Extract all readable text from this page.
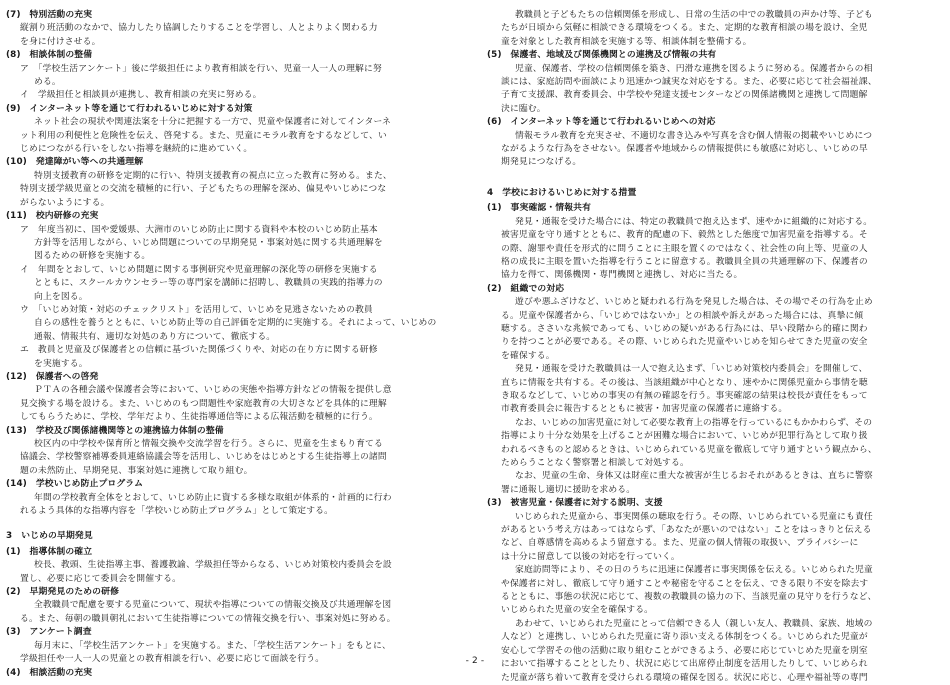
(7)　特別活動の充実

縦割り班活動のなかで、協力したり協調したりすることを学習し、人とよりよく関わる力

を身に付けさせる。

(8)　相談体制の整備

ア　「学校生活アンケート」後に学級担任により教育相談を行い、児童一人一人の理解に努

める。

イ　学級担任と相談員が連携し、教育相談の充実に努める。

(9)　インターネット等を通じて行われるいじめに対する対策

ネット社会の現状や関連法案を十分に把握する一方で、児童や保護者に対してインターネ

ット利用の利便性と危険性を伝え、啓発する。また、児童にモラル教育をするなどして、い

じめにつながる行いをしない指導を継続的に進めていく。

(10)　発達障がい等への共通理解

特別支援教育の研修を定期的に行い、特別支援教育の視点に立った教育に努める。また、

特別支援学級児童との交流を積極的に行い、子どもたちの理解を深め、偏見やいじめにつな

がらないようにする。

(11)　校内研修の充実

ア　年度当初に、国や愛媛県、大洲市のいじめ防止に関する資料や本校のいじめ防止基本

方針等を活用しながら、いじめ問題についての早期発見・事案対処に関する共通理解を

図るための研修を実施する。

イ　年間をとおして、いじめ問題に関する事例研究や児童理解の深化等の研修を実施する

とともに、スクールカウンセラー等の専門家を講師に招聘し、教職員の実践的指導力の

向上を図る。

ウ　「いじめ対策・対応のチェックリスト」を活用して、いじめを見逃さないための教員

自らの感性を養うとともに、いじめ防止等の自己評価を定期的に実施する。それによって、いじめの

通報、情報共有、適切な対処のあり方について、徹底する。

エ　教員と児童及び保護者との信頼に基づいた関係づくりや、対応の在り方に関する研修

を実施する。

(12)　保護者への啓発

ＰＴＡの各種会議や保護者会等において、いじめの実態や指導方針などの情報を提供し意

見交換する場を設ける。また、いじめのもつ問題性や家庭教育の大切さなどを具体的に理解

してもらうために、学校、学年だより、生徒指導通信等による広報活動を積極的に行う。

(13)　学校及び関係諸機関等との連携協力体制の整備

校区内の中学校や保育所と情報交換や交流学習を行う。さらに、児童を生まもり育てる

協議会、学校警察補導委員連絡協議会等を活用し、いじめをはじめとする生徒指導上の諸問

題の未然防止、早期発見、事案対処に連携して取り組む。

(14)　学校いじめ防止プログラム

年間の学校教育全体をとおして、いじめ防止に資する多様な取組が体系的・計画的に行わ

れるよう具体的な指導内容を「学校いじめ防止プログラム」として策定する。

3　いじめの早期発見

(1)　指導体制の確立

校長、教頭、生徒指導主事、養護教諭、学級担任等からなる、いじめ対策校内委員会を設

置し、必要に応じて委員会を開催する。

(2)　早期発見のための研修

全教職員で配慮を要する児童について、現状や指導についての情報交換及び共通理解を図

る。また、毎朝の職員朝礼において生徒指導についての情報交換を行い、事案対処に努める。

(3)　アンケート調査

毎月末に、「学校生活アンケート」を実施する。また、「学校生活アンケート」をもとに、

学級担任や一人一人の児童との教育相談を行い、必要に応じて面談を行う。

(4)　相談活動の充実

教職員と子どもたちの信頼関係を形成し、日常の生活の中での教職員の声かけ等、子ども

たちが日頃から気軽に相談できる環境をつくる。また、定期的な教育相談の場を設け、全児

童を対象とした教育相談を実施する等、相談体制を整備する。

(5)　保護者、地域及び関係機関との連携及び情報の共有

児童、保護者、学校の信頼関係を築き、円滑な連携を図るように努める。保護者からの相

談には、家庭訪問や面談により迅速かつ誠実な対応をする。また、必要に応じて社会福祉課、

子育て支援課、教育委員会、中学校や発達支援センターなどの関係諸機関と連携して問題解

決に臨む。

(6)　インターネット等を通じて行われるいじめへの対応

情報モラル教育を充実させ、不適切な書き込みや写真を含む個人情報の掲載やいじめにつ

ながるような行為をさせない。保護者や地域からの情報提供にも敏感に対応し、いじめの早

期発見につなげる。

4　学校におけるいじめに対する措置

(1)　事実確認・情報共有

発見・通報を受けた場合には、特定の教職員で抱え込まず、速やかに組織的に対応する。

被害児童を守り通すとともに、教育的配慮の下、毅然とした態度で加害児童を指導する。そ

の際、謝罪や責任を形式的に問うことに主眼を置くのではなく、社会性の向上等、児童の人

格の成長に主眼を置いた指導を行うことに留意する。教職員全員の共通理解の下、保護者の

協力を得て、関係機関・専門機関と連携し、対応に当たる。

(2)　組織での対応

遊びや悪ふざけなど、いじめと疑われる行為を発見した場合は、その場でその行為を止め

る。児童や保護者から、「いじめではないか」との相談や訴えがあった場合には、真摯に傾

聴する。ささいな兆候であっても、いじめの疑いがある行為には、早い段階から的確に関わ

りを持つことが必要である。その際、いじめられた児童やいじめを知らせてきた児童の安全

を確保する。

発見・通報を受けた教職員は一人で抱え込まず、「いじめ対策校内委員会」を開催して、

直ちに情報を共有する。その後は、当該組織が中心となり、速やかに関係児童から事情を聴

き取るなどして、いじめの事実の有無の確認を行う。事実確認の結果は校長が責任をもって

市教育委員会に報告するとともに被害・加害児童の保護者に連絡する。

なお、いじめの加害児童に対して必要な教育上の指導を行っているにもかかわらず、その

指導により十分な効果を上げることが困難な場合において、いじめが犯罪行為として取り扱

われるべきものと認めるときは、いじめられている児童を徹底して守り通すという観点から、

ためらうことなく警察署と相談して対処する。

なお、児童の生命、身体又は財産に重大な被害が生じるおそれがあるときは、直ちに警察

署に通報し適切に援助を求める。

(3)　被害児童・保護者に対する説明、支援

いじめられた児童から、事実関係の聴取を行う。その際、いじめられている児童にも責任

があるという考え方はあってはならず、「あなたが悪いのではない」ことをはっきりと伝える

など、自尊感情を高めるよう留意する。また、児童の個人情報の取扱い、プライバシーに

は十分に留意して以後の対応を行っていく。

家庭訪問等により、その日のうちに迅速に保護者に事実関係を伝える。いじめられた児童

や保護者に対し、徹底して守り通すことや秘密を守ることを伝え、できる限り不安を除去す

るとともに、事態の状況に応じて、複数の教職員の協力の下、当該児童の見守りを行うなど、

いじめられた児童の安全を確保する。

あわせて、いじめられた児童にとって信頼できる人（親しい友人、教職員、家族、地域の

人など）と連携し、いじめられた児童に寄り添い支える体制をつくる。いじめられた児童が

安心して学習その他の活動に取り組むことができるよう、必要に応じていじめた児童を別室

において指導することとしたり、状況に応じて出席停止制度を活用したりして、いじめられ

た児童が落ち着いて教育を受けられる環境の確保を図る。状況に応じ、心理や福祉等の専門

- 2 -
